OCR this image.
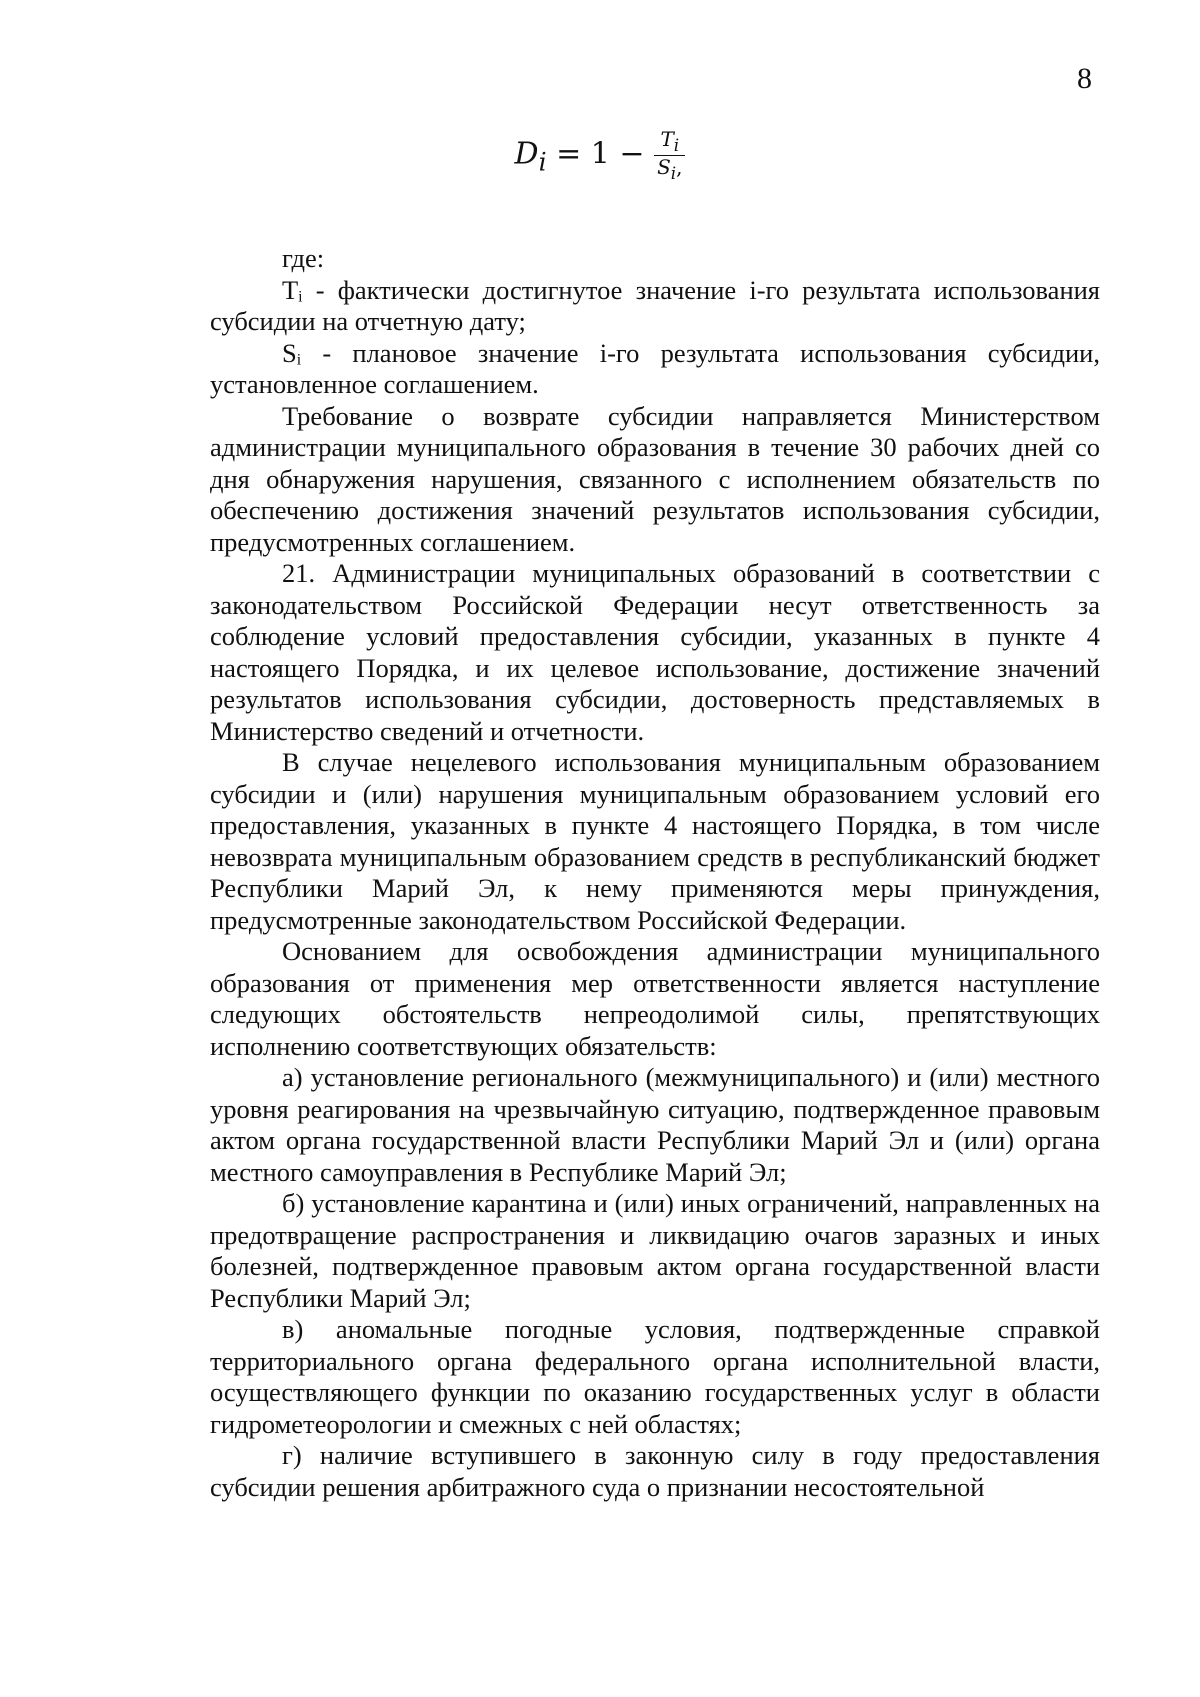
8
$D_i = 1 - \frac{T_i}{S_i,}$

где:

Tᵢ - фактически достигнутое значение i-го результата использования субсидии на отчетную дату;

Sᵢ - плановое значение i-го результата использования субсидии, установленное соглашением.

Требование о возврате субсидии направляется Министерством администрации муниципального образования в течение 30 рабочих дней со дня обнаружения нарушения, связанного с исполнением обязательств по обеспечению достижения значений результатов использования субсидии, предусмотренных соглашением.

21. Администрации муниципальных образований в соответствии с законодательством Российской Федерации несут ответственность за соблюдение условий предоставления субсидии, указанных в пункте 4 настоящего Порядка, и их целевое использование, достижение значений результатов использования субсидии, достоверность представляемых в Министерство сведений и отчетности.

В случае нецелевого использования муниципальным образованием субсидии и (или) нарушения муниципальным образованием условий его предоставления, указанных в пункте 4 настоящего Порядка, в том числе невозврата муниципальным образованием средств в республиканский бюджет Республики Марий Эл, к нему применяются меры принуждения, предусмотренные законодательством Российской Федерации.

Основанием для освобождения администрации муниципального образования от применения мер ответственности является наступление следующих обстоятельств непреодолимой силы, препятствующих исполнению соответствующих обязательств:

а) установление регионального (межмуниципального) и (или) местного уровня реагирования на чрезвычайную ситуацию, подтвержденное правовым актом органа государственной власти Республики Марий Эл и (или) органа местного самоуправления в Республике Марий Эл;

б) установление карантина и (или) иных ограничений, направленных на предотвращение распространения и ликвидацию очагов заразных и иных болезней, подтвержденное правовым актом органа государственной власти Республики Марий Эл;

в) аномальные погодные условия, подтвержденные справкой территориального органа федерального органа исполнительной власти, осуществляющего функции по оказанию государственных услуг в области гидрометеорологии и смежных с ней областях;

г) наличие вступившего в законную силу в году предоставления субсидии решения арбитражного суда о признании несостоятельной
